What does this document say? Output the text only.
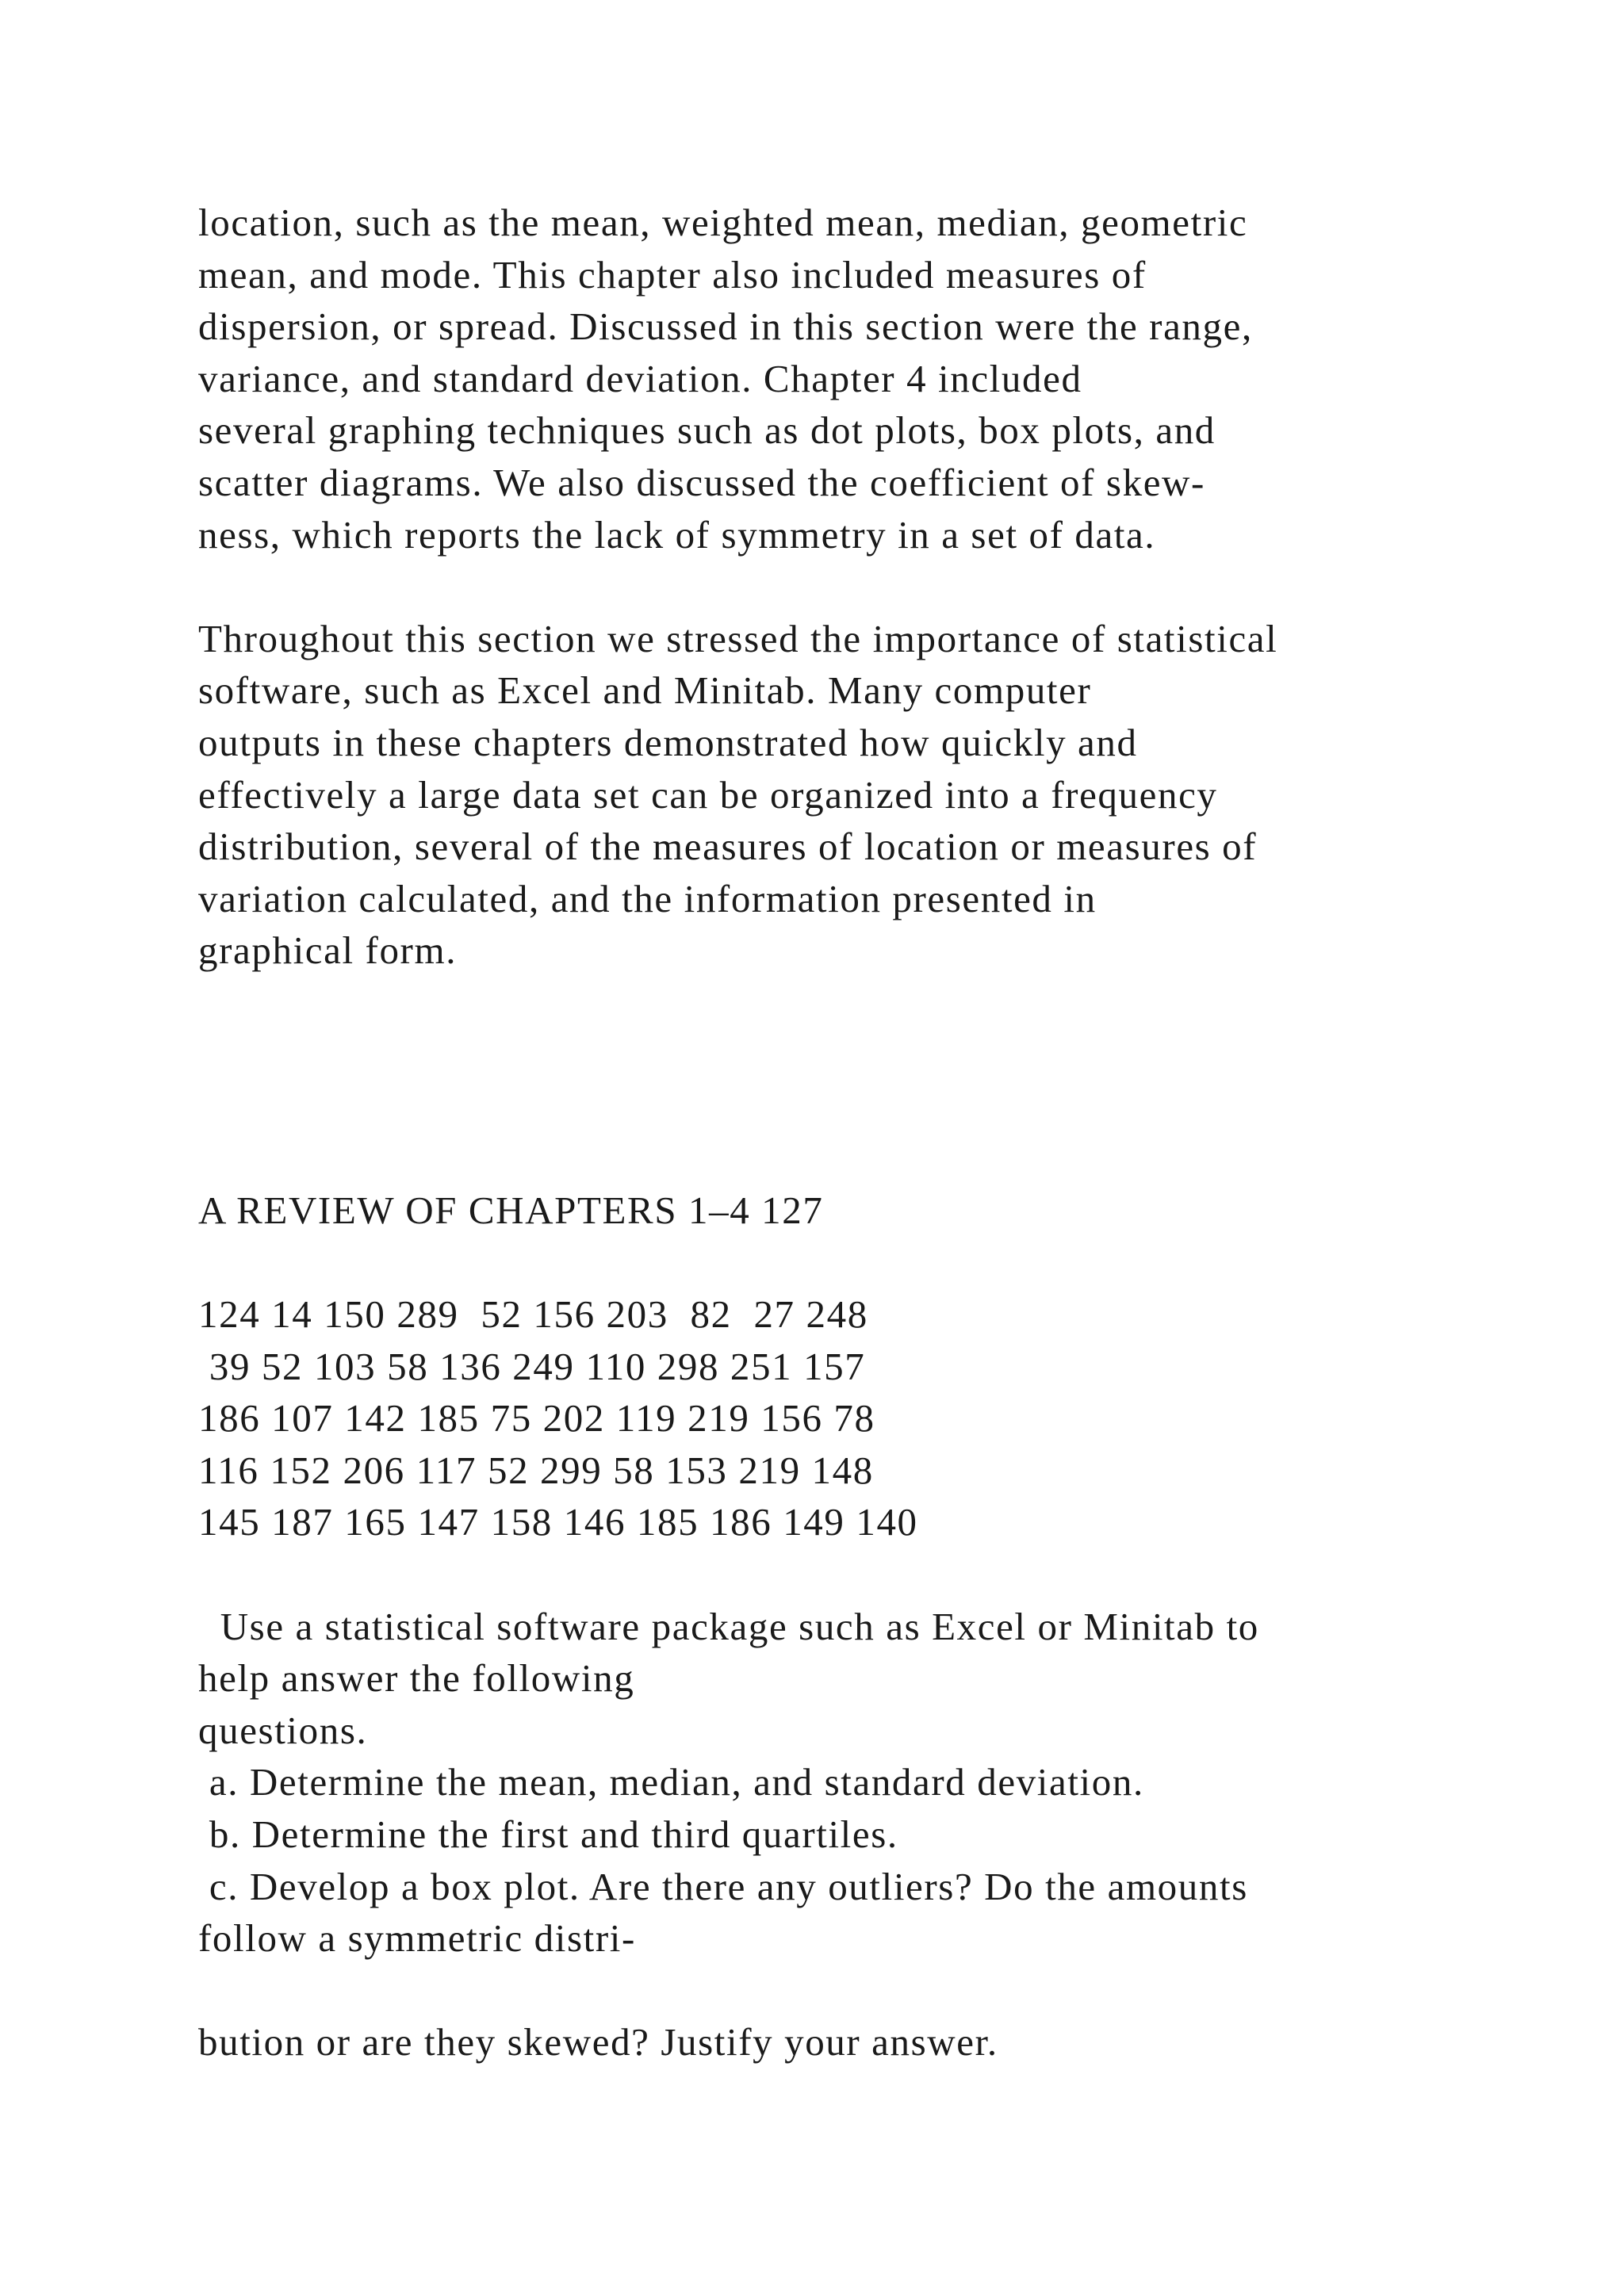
location, such as the mean, weighted mean, median, geometric
mean, and mode. This chapter also included measures of
dispersion, or spread. Discussed in this section were the range,
variance, and standard deviation. Chapter 4 included
several graphing techniques such as dot plots, box plots, and
scatter diagrams. We also discussed the coefficient of skew-
ness, which reports the lack of symmetry in a set of data.
Throughout this section we stressed the importance of statistical
software, such as Excel and Minitab. Many computer
outputs in these chapters demonstrated how quickly and
effectively a large data set can be organized into a frequency
distribution, several of the measures of location or measures of
variation calculated, and the information presented in
graphical form.
A REVIEW OF CHAPTERS 1–4 127
124 14 150 289  52 156 203  82  27 248
39 52 103 58 136 249 110 298 251 157
186 107 142 185 75 202 119 219 156 78
116 152 206 117 52 299 58 153 219 148
145 187 165 147 158 146 185 186 149 140
Use a statistical software package such as Excel or Minitab to
help answer the following
questions.
a. Determine the mean, median, and standard deviation.
b. Determine the first and third quartiles.
c. Develop a box plot. Are there any outliers? Do the amounts
follow a symmetric distri-
bution or are they skewed? Justify your answer.
